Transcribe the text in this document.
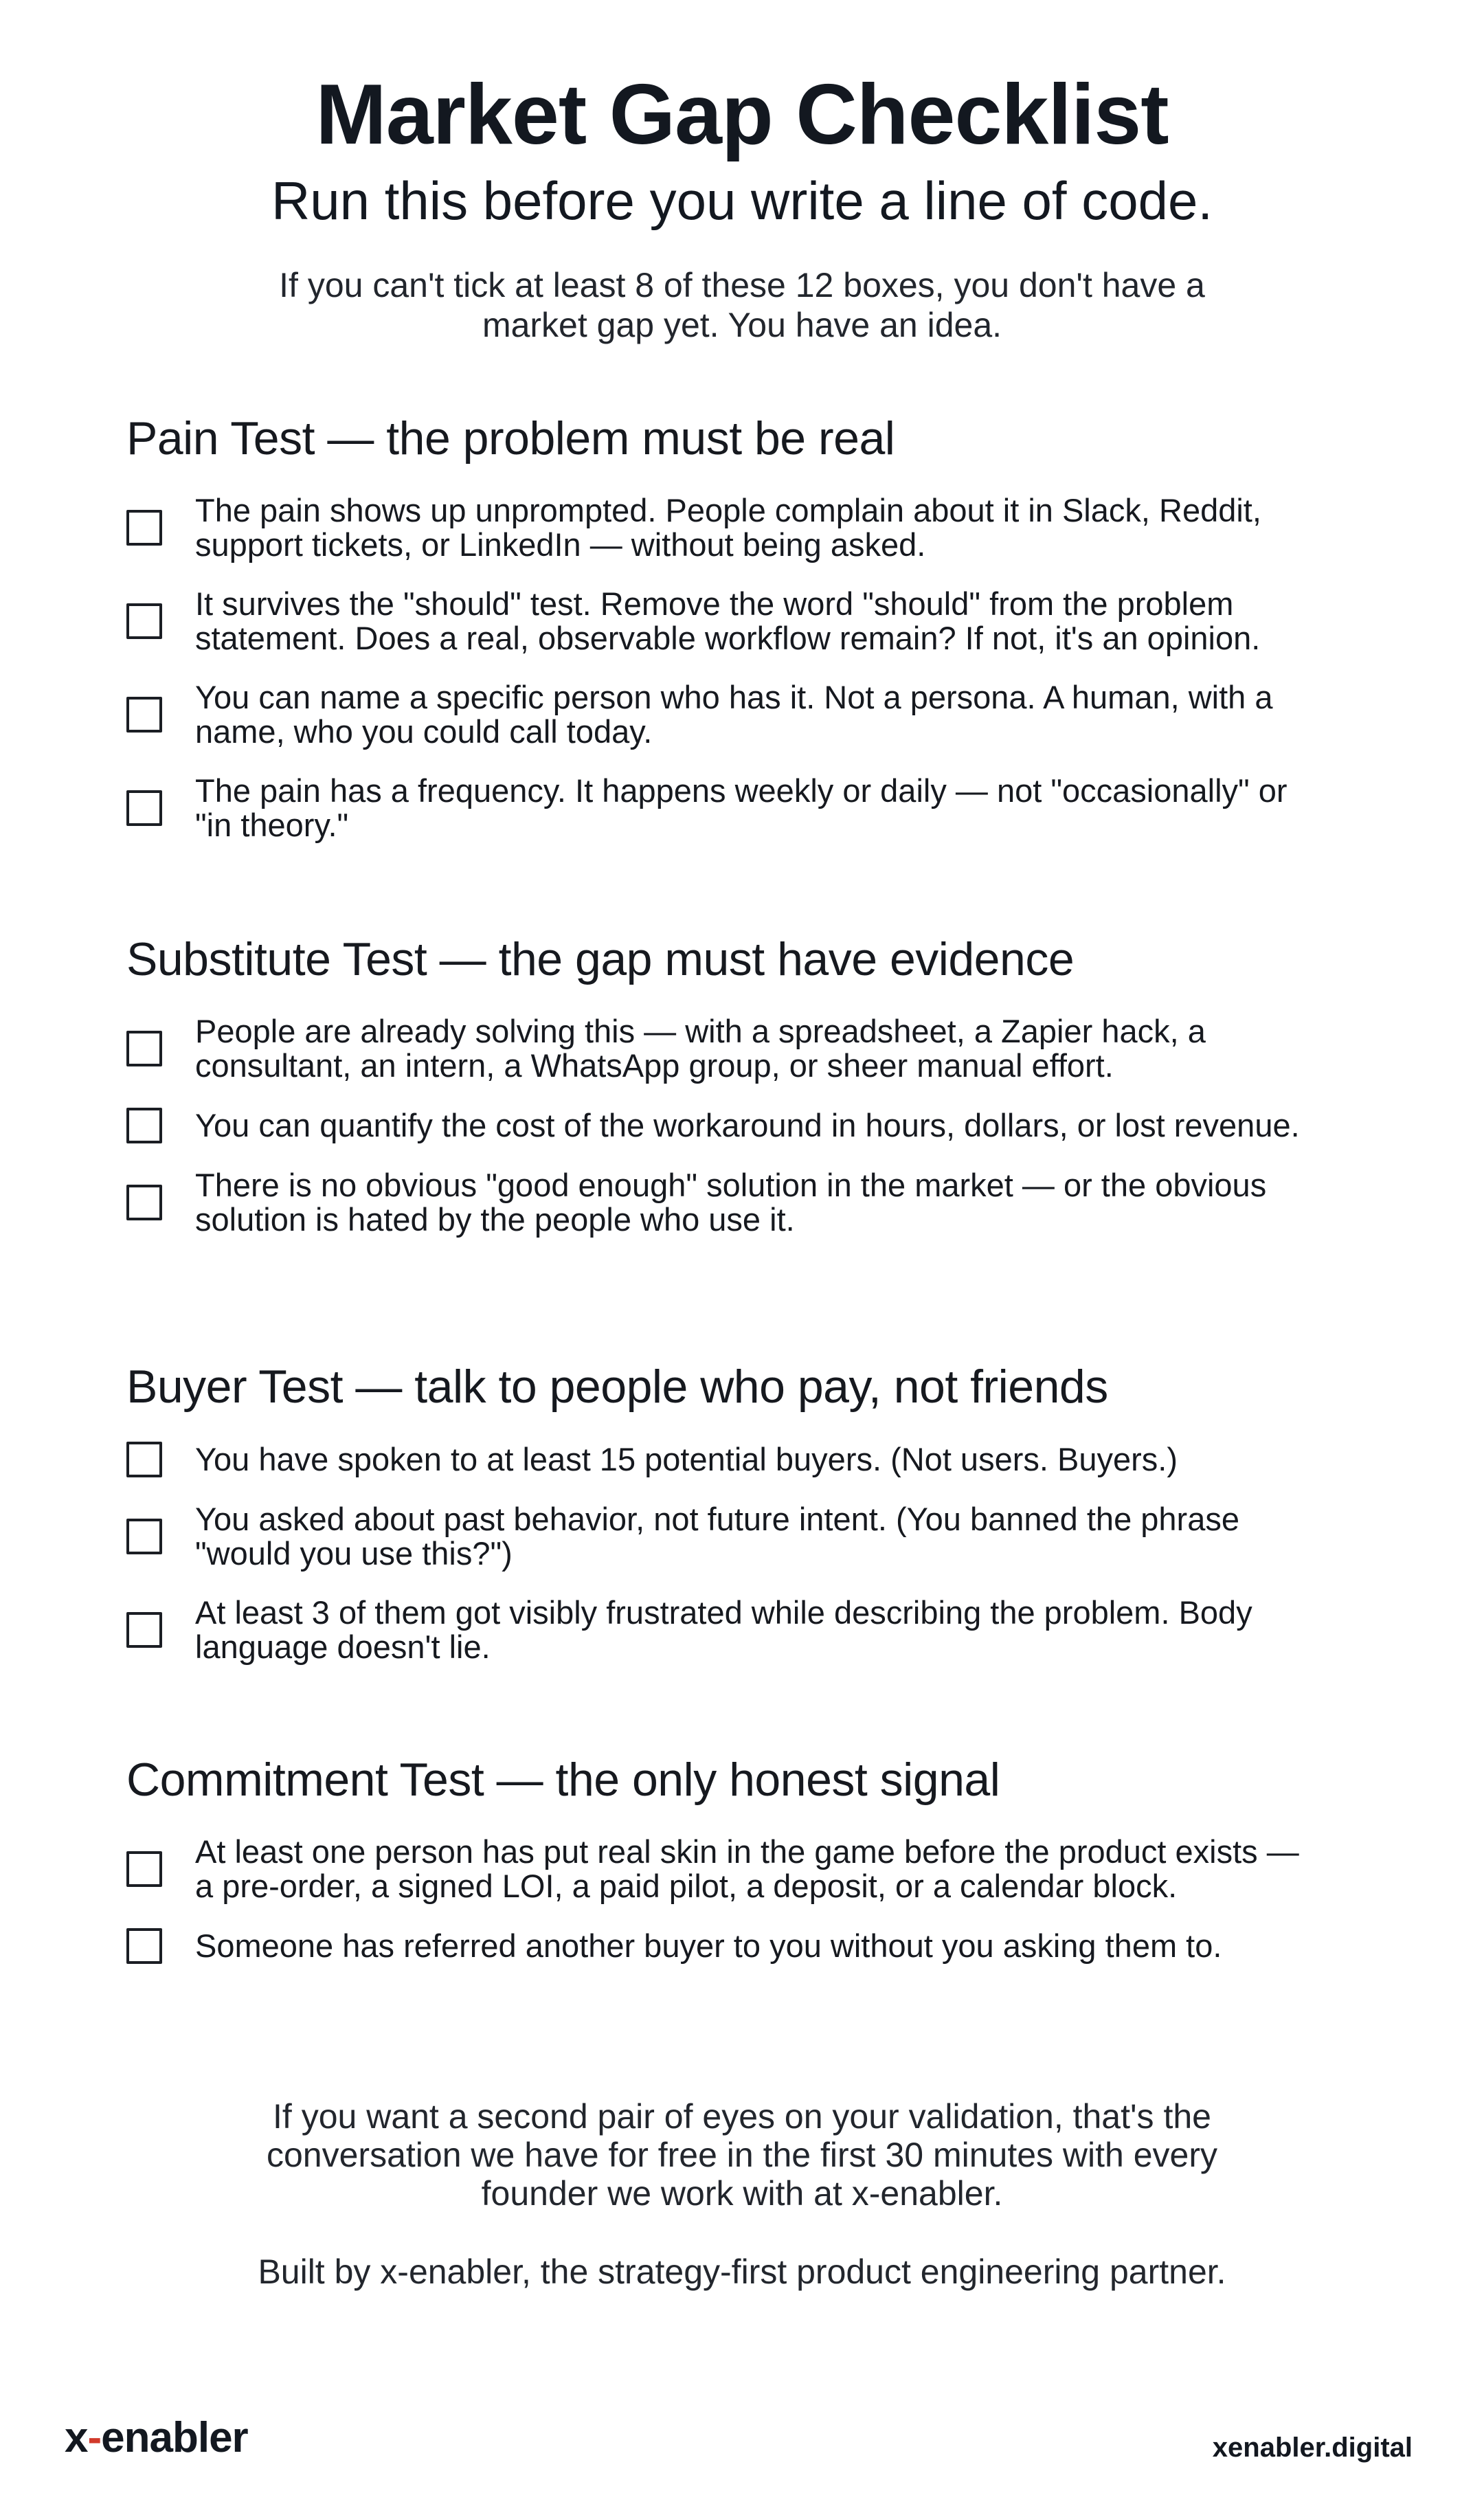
Market Gap Checklist
Run this before you write a line of code.

If you can't tick at least 8 of these 12 boxes, you don't have a market gap yet. You have an idea.

Pain Test — the problem must be real
The pain shows up unprompted. People complain about it in Slack, Reddit, support tickets, or LinkedIn — without being asked.
It survives the "should" test. Remove the word "should" from the problem statement. Does a real, observable workflow remain? If not, it's an opinion.
You can name a specific person who has it. Not a persona. A human, with a name, who you could call today.
The pain has a frequency. It happens weekly or daily — not "occasionally" or "in theory."
Substitute Test — the gap must have evidence
People are already solving this — with a spreadsheet, a Zapier hack, a consultant, an intern, a WhatsApp group, or sheer manual effort.
You can quantify the cost of the workaround in hours, dollars, or lost revenue.
There is no obvious "good enough" solution in the market — or the obvious solution is hated by the people who use it.
Buyer Test — talk to people who pay, not friends
You have spoken to at least 15 potential buyers. (Not users. Buyers.)
You asked about past behavior, not future intent. (You banned the phrase "would you use this?")
At least 3 of them got visibly frustrated while describing the problem. Body language doesn't lie.
Commitment Test — the only honest signal
At least one person has put real skin in the game before the product exists — a pre-order, a signed LOI, a paid pilot, a deposit, or a calendar block.
Someone has referred another buyer to you without you asking them to.

If you want a second pair of eyes on your validation, that's the conversation we have for free in the first 30 minutes with every founder we work with at x-enabler.

Built by x-enabler, the strategy-first product engineering partner.

x-enabler	xenabler.digital
